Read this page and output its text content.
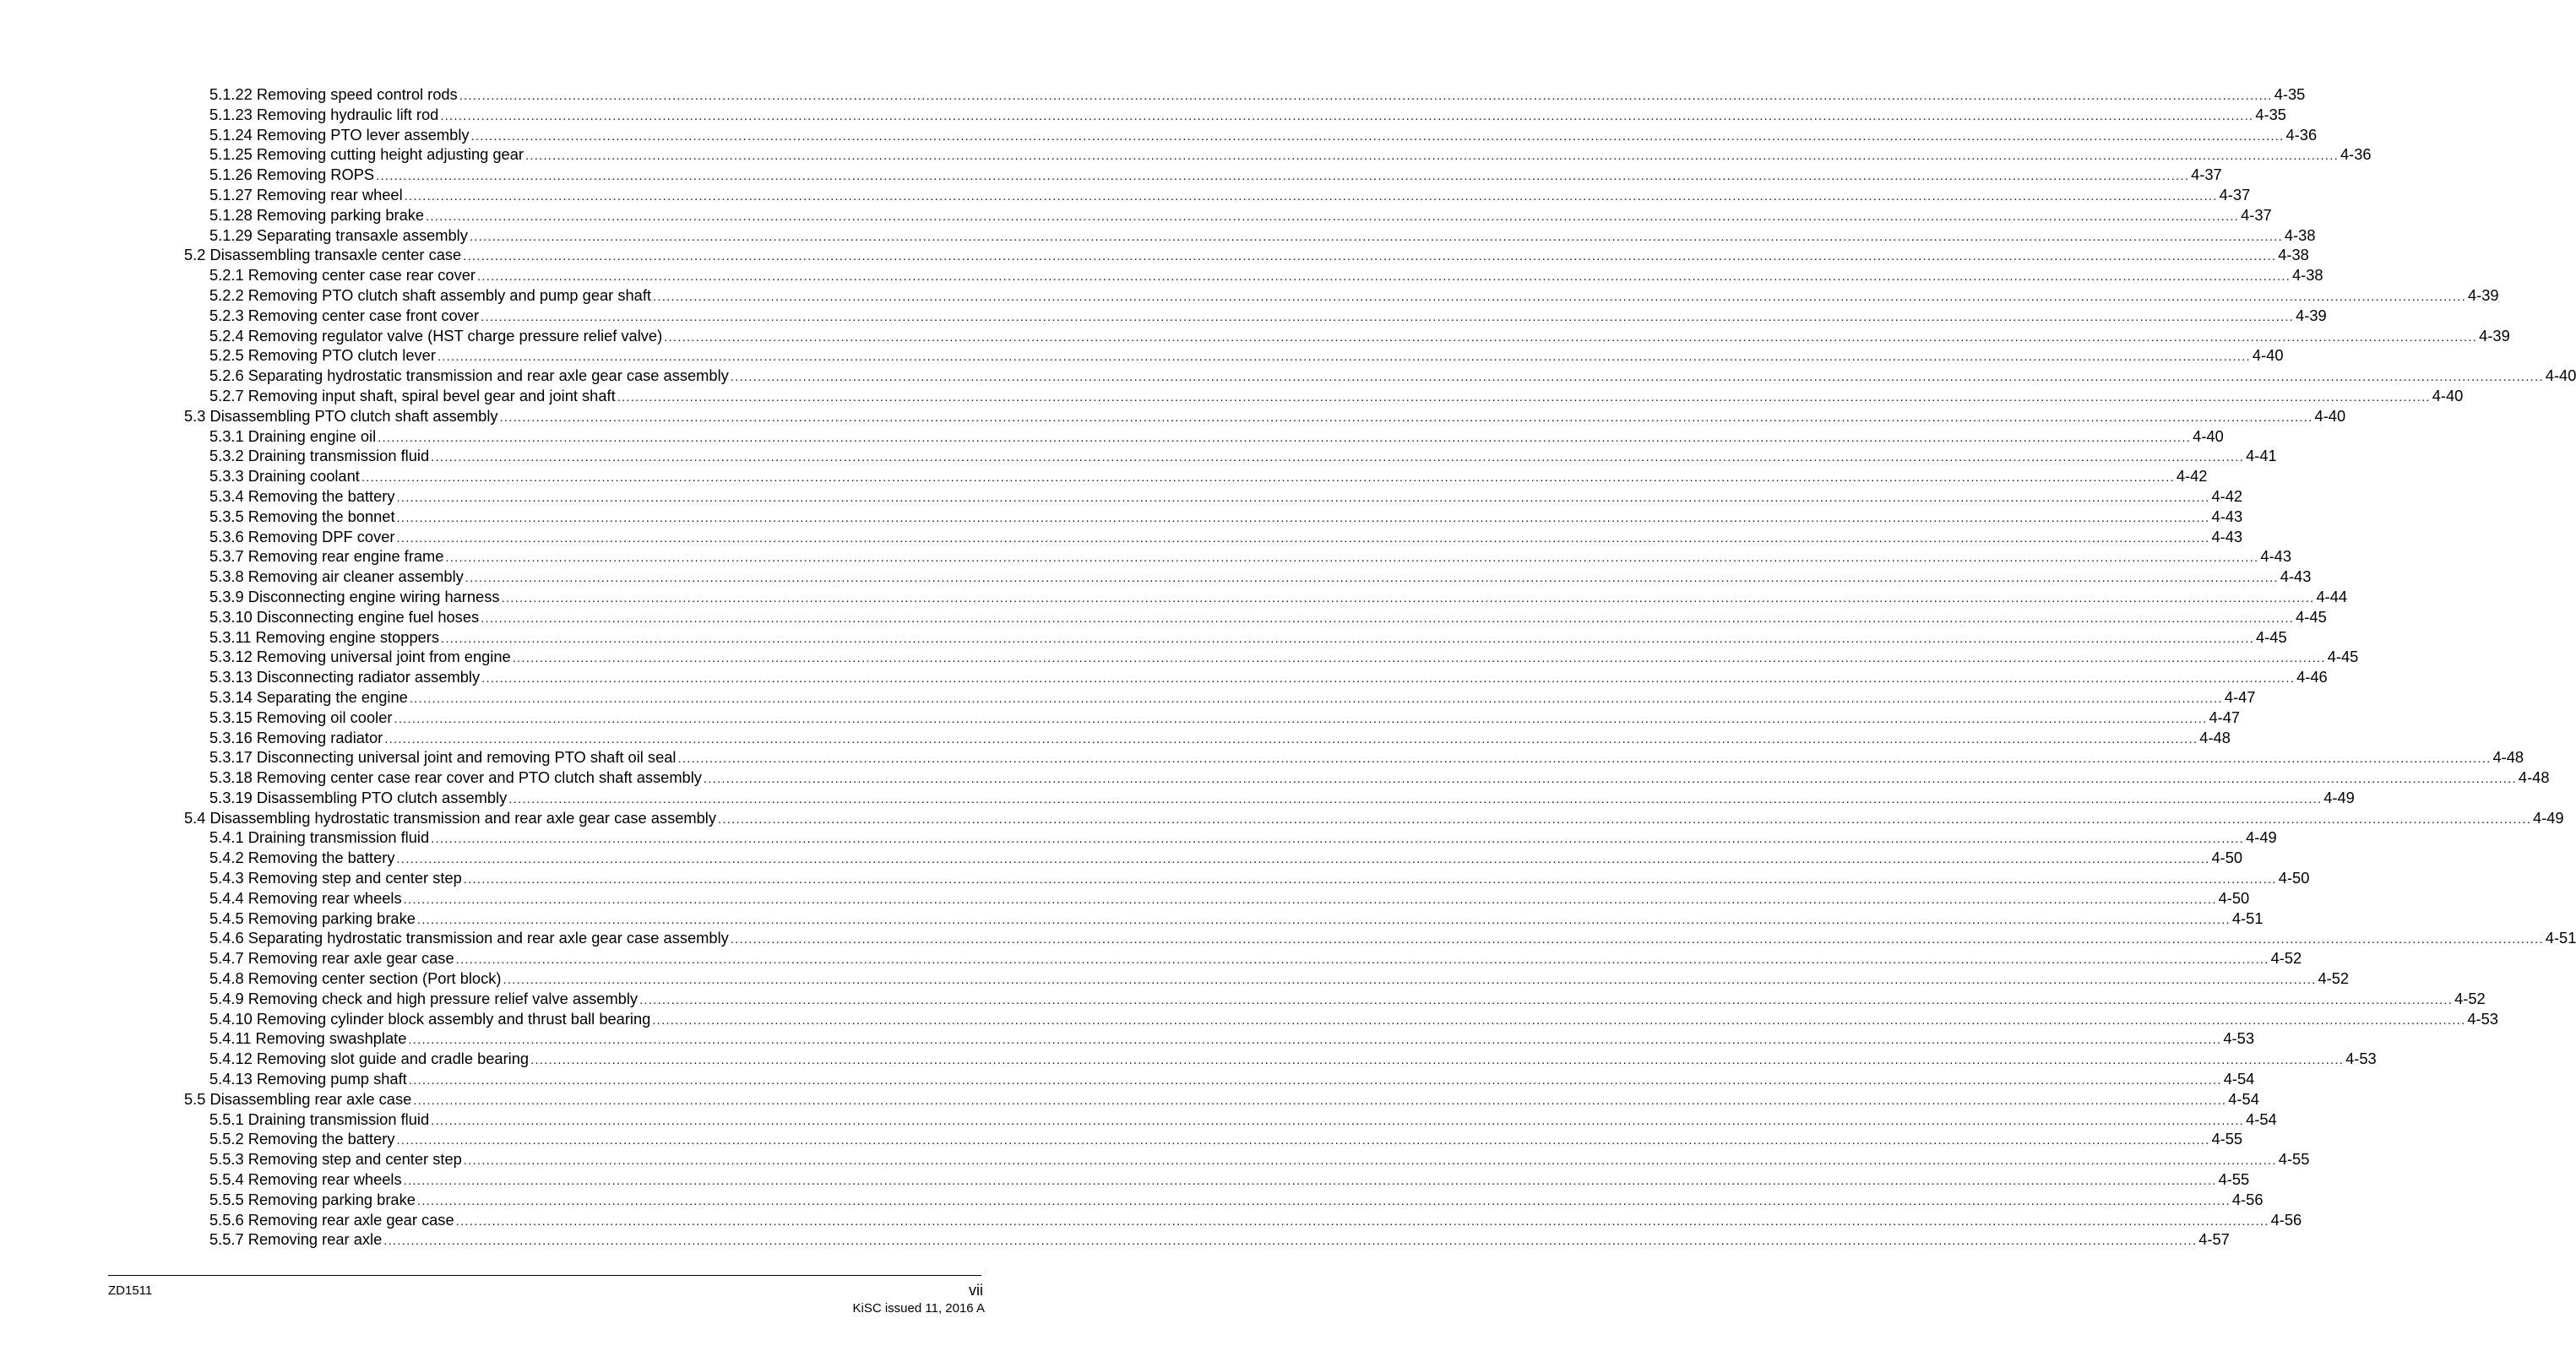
5.1.22 Removing speed control rods ................................................................................................................................................................................................................................................................................................................................................................................................................ 4-35
5.1.23 Removing hydraulic lift rod ................................................................................................................................................................................................................................................................................................................................................................................................................ 4-35
5.1.24 Removing PTO lever assembly ................................................................................................................................................................................................................................................................................................................................................................................................................ 4-36
5.1.25 Removing cutting height adjusting gear ................................................................................................................................................................................................................................................................................................................................................................................................................ 4-36
5.1.26 Removing ROPS ................................................................................................................................................................................................................................................................................................................................................................................................................ 4-37
5.1.27 Removing rear wheel ................................................................................................................................................................................................................................................................................................................................................................................................................ 4-37
5.1.28 Removing parking brake ................................................................................................................................................................................................................................................................................................................................................................................................................ 4-37
5.1.29 Separating transaxle assembly ................................................................................................................................................................................................................................................................................................................................................................................................................ 4-38
5.2 Disassembling transaxle center case ................................................................................................................................................................................................................................................................................................................................................................................................................ 4-38
5.2.1 Removing center case rear cover ................................................................................................................................................................................................................................................................................................................................................................................................................ 4-38
5.2.2 Removing PTO clutch shaft assembly and pump gear shaft ................................................................................................................................................................................................................................................................................................................................................................................................................ 4-39
5.2.3 Removing center case front cover ................................................................................................................................................................................................................................................................................................................................................................................................................ 4-39
5.2.4 Removing regulator valve (HST charge pressure relief valve) ................................................................................................................................................................................................................................................................................................................................................................................................................ 4-39
5.2.5 Removing PTO clutch lever ................................................................................................................................................................................................................................................................................................................................................................................................................ 4-40
5.2.6 Separating hydrostatic transmission and rear axle gear case assembly ................................................................................................................................................................................................................................................................................................................................................................................................................ 4-40
5.2.7 Removing input shaft, spiral bevel gear and joint shaft ................................................................................................................................................................................................................................................................................................................................................................................................................ 4-40
5.3 Disassembling PTO clutch shaft assembly ................................................................................................................................................................................................................................................................................................................................................................................................................ 4-40
5.3.1 Draining engine oil ................................................................................................................................................................................................................................................................................................................................................................................................................ 4-40
5.3.2 Draining transmission fluid ................................................................................................................................................................................................................................................................................................................................................................................................................ 4-41
5.3.3 Draining coolant ................................................................................................................................................................................................................................................................................................................................................................................................................ 4-42
5.3.4 Removing the battery ................................................................................................................................................................................................................................................................................................................................................................................................................ 4-42
5.3.5 Removing the bonnet ................................................................................................................................................................................................................................................................................................................................................................................................................ 4-43
5.3.6 Removing DPF cover ................................................................................................................................................................................................................................................................................................................................................................................................................ 4-43
5.3.7 Removing rear engine frame ................................................................................................................................................................................................................................................................................................................................................................................................................ 4-43
5.3.8 Removing air cleaner assembly ................................................................................................................................................................................................................................................................................................................................................................................................................ 4-43
5.3.9 Disconnecting engine wiring harness ................................................................................................................................................................................................................................................................................................................................................................................................................ 4-44
5.3.10 Disconnecting engine fuel hoses ................................................................................................................................................................................................................................................................................................................................................................................................................ 4-45
5.3.11 Removing engine stoppers ................................................................................................................................................................................................................................................................................................................................................................................................................ 4-45
5.3.12 Removing universal joint from engine ................................................................................................................................................................................................................................................................................................................................................................................................................ 4-45
5.3.13 Disconnecting radiator assembly ................................................................................................................................................................................................................................................................................................................................................................................................................ 4-46
5.3.14 Separating the engine ................................................................................................................................................................................................................................................................................................................................................................................................................ 4-47
5.3.15 Removing oil cooler ................................................................................................................................................................................................................................................................................................................................................................................................................ 4-47
5.3.16 Removing radiator ................................................................................................................................................................................................................................................................................................................................................................................................................ 4-48
5.3.17 Disconnecting universal joint and removing PTO shaft oil seal ................................................................................................................................................................................................................................................................................................................................................................................................................ 4-48
5.3.18 Removing center case rear cover and PTO clutch shaft assembly ................................................................................................................................................................................................................................................................................................................................................................................................................ 4-48
5.3.19 Disassembling PTO clutch assembly ................................................................................................................................................................................................................................................................................................................................................................................................................ 4-49
5.4 Disassembling hydrostatic transmission and rear axle gear case assembly ................................................................................................................................................................................................................................................................................................................................................................................................................ 4-49
5.4.1 Draining transmission fluid ................................................................................................................................................................................................................................................................................................................................................................................................................ 4-49
5.4.2 Removing the battery ................................................................................................................................................................................................................................................................................................................................................................................................................ 4-50
5.4.3 Removing step and center step ................................................................................................................................................................................................................................................................................................................................................................................................................ 4-50
5.4.4 Removing rear wheels ................................................................................................................................................................................................................................................................................................................................................................................................................ 4-50
5.4.5 Removing parking brake ................................................................................................................................................................................................................................................................................................................................................................................................................ 4-51
5.4.6 Separating hydrostatic transmission and rear axle gear case assembly ................................................................................................................................................................................................................................................................................................................................................................................................................ 4-51
5.4.7 Removing rear axle gear case ................................................................................................................................................................................................................................................................................................................................................................................................................ 4-52
5.4.8 Removing center section (Port block) ................................................................................................................................................................................................................................................................................................................................................................................................................ 4-52
5.4.9 Removing check and high pressure relief valve assembly ................................................................................................................................................................................................................................................................................................................................................................................................................ 4-52
5.4.10 Removing cylinder block assembly and thrust ball bearing ................................................................................................................................................................................................................................................................................................................................................................................................................ 4-53
5.4.11 Removing swashplate ................................................................................................................................................................................................................................................................................................................................................................................................................ 4-53
5.4.12 Removing slot guide and cradle bearing ................................................................................................................................................................................................................................................................................................................................................................................................................ 4-53
5.4.13 Removing pump shaft ................................................................................................................................................................................................................................................................................................................................................................................................................ 4-54
5.5 Disassembling rear axle case ................................................................................................................................................................................................................................................................................................................................................................................................................ 4-54
5.5.1 Draining transmission fluid ................................................................................................................................................................................................................................................................................................................................................................................................................ 4-54
5.5.2 Removing the battery ................................................................................................................................................................................................................................................................................................................................................................................................................ 4-55
5.5.3 Removing step and center step ................................................................................................................................................................................................................................................................................................................................................................................................................ 4-55
5.5.4 Removing rear wheels ................................................................................................................................................................................................................................................................................................................................................................................................................ 4-55
5.5.5 Removing parking brake ................................................................................................................................................................................................................................................................................................................................................................................................................ 4-56
5.5.6 Removing rear axle gear case ................................................................................................................................................................................................................................................................................................................................................................................................................ 4-56
5.5.7 Removing rear axle ................................................................................................................................................................................................................................................................................................................................................................................................................ 4-57
ZD1511	vii
KiSC issued 11, 2016 A
